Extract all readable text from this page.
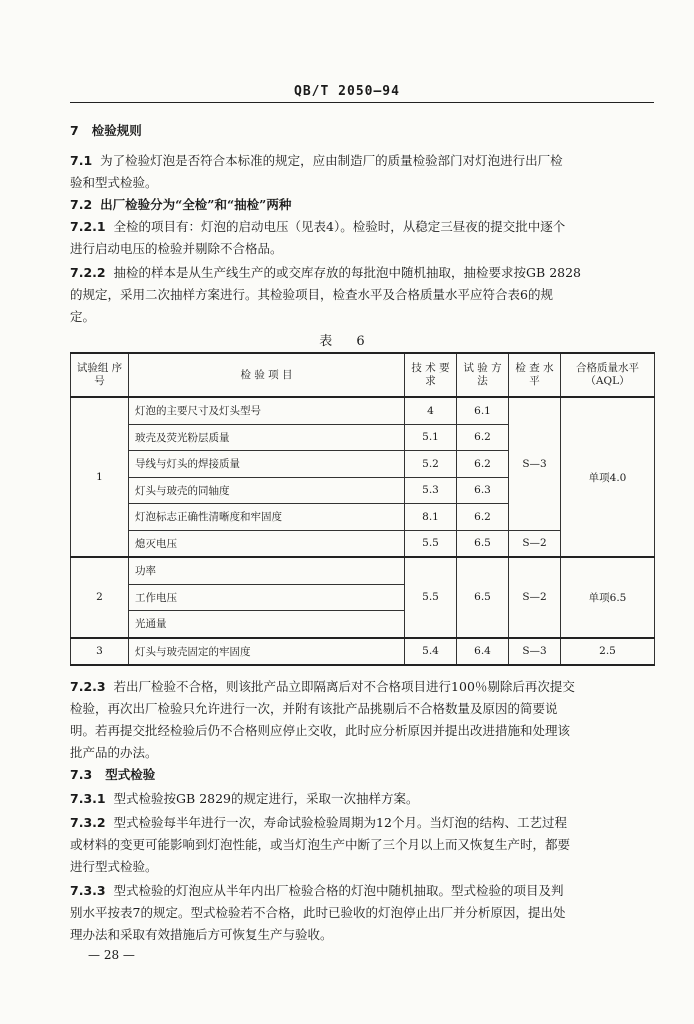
QB/T 2050—94
7 检验规则
7.1 为了检验灯泡是否符合本标准的规定，应由制造厂的质量检验部门对灯泡进行出厂检
验和型式检验。
7.2 出厂检验分为“全检”和“抽检”两种
7.2.1 全检的项目有：灯泡的启动电压（见表4）。检验时，从稳定三昼夜的提交批中逐个
进行启动电压的检验并剔除不合格品。
7.2.2 抽检的样本是从生产线生产的或交库存放的每批泡中随机抽取，抽检要求按GB 2828
的规定，采用二次抽样方案进行。其检验项目，检查水平及合格质量水平应符合表6的规
定。
表 6
试验组 序 号	检 验 项 目	技 术 要 求	试 验 方 法	检 查 水 平	合格质量水平 （AQL）
1	灯泡的主要尺寸及灯头型号	4	6.1	S—3	单项4.0
	玻壳及荧光粉层质量	5.1	6.2		
	导线与灯头的焊接质量	5.2	6.2		
	灯头与玻壳的同轴度	5.3	6.3		
	灯泡标志正确性清晰度和牢固度	8.1	6.2		
	熄灭电压	5.5	6.5	S—2	
2	功率	5.5	6.5	S—2	单项6.5
	工作电压				
	光通量				
3	灯头与玻壳固定的牢固度	5.4	6.4	S—3	2.5
7.2.3 若出厂检验不合格，则该批产品立即隔离后对不合格项目进行100％剔除后再次提交
检验，再次出厂检验只允许进行一次，并附有该批产品挑剔后不合格数量及原因的简要说
明。若再提交批经检验后仍不合格则应停止交收，此时应分析原因并提出改进措施和处理该
批产品的办法。
7.3 型式检验
7.3.1 型式检验按GB 2829的规定进行，采取一次抽样方案。
7.3.2 型式检验每半年进行一次，寿命试验检验周期为12个月。当灯泡的结构、工艺过程
或材料的变更可能影响到灯泡性能，或当灯泡生产中断了三个月以上而又恢复生产时，都要
进行型式检验。
7.3.3 型式检验的灯泡应从半年内出厂检验合格的灯泡中随机抽取。型式检验的项目及判
别水平按表7的规定。型式检验若不合格，此时已验收的灯泡停止出厂并分析原因，提出处
理办法和采取有效措施后方可恢复生产与验收。
— 28 —
